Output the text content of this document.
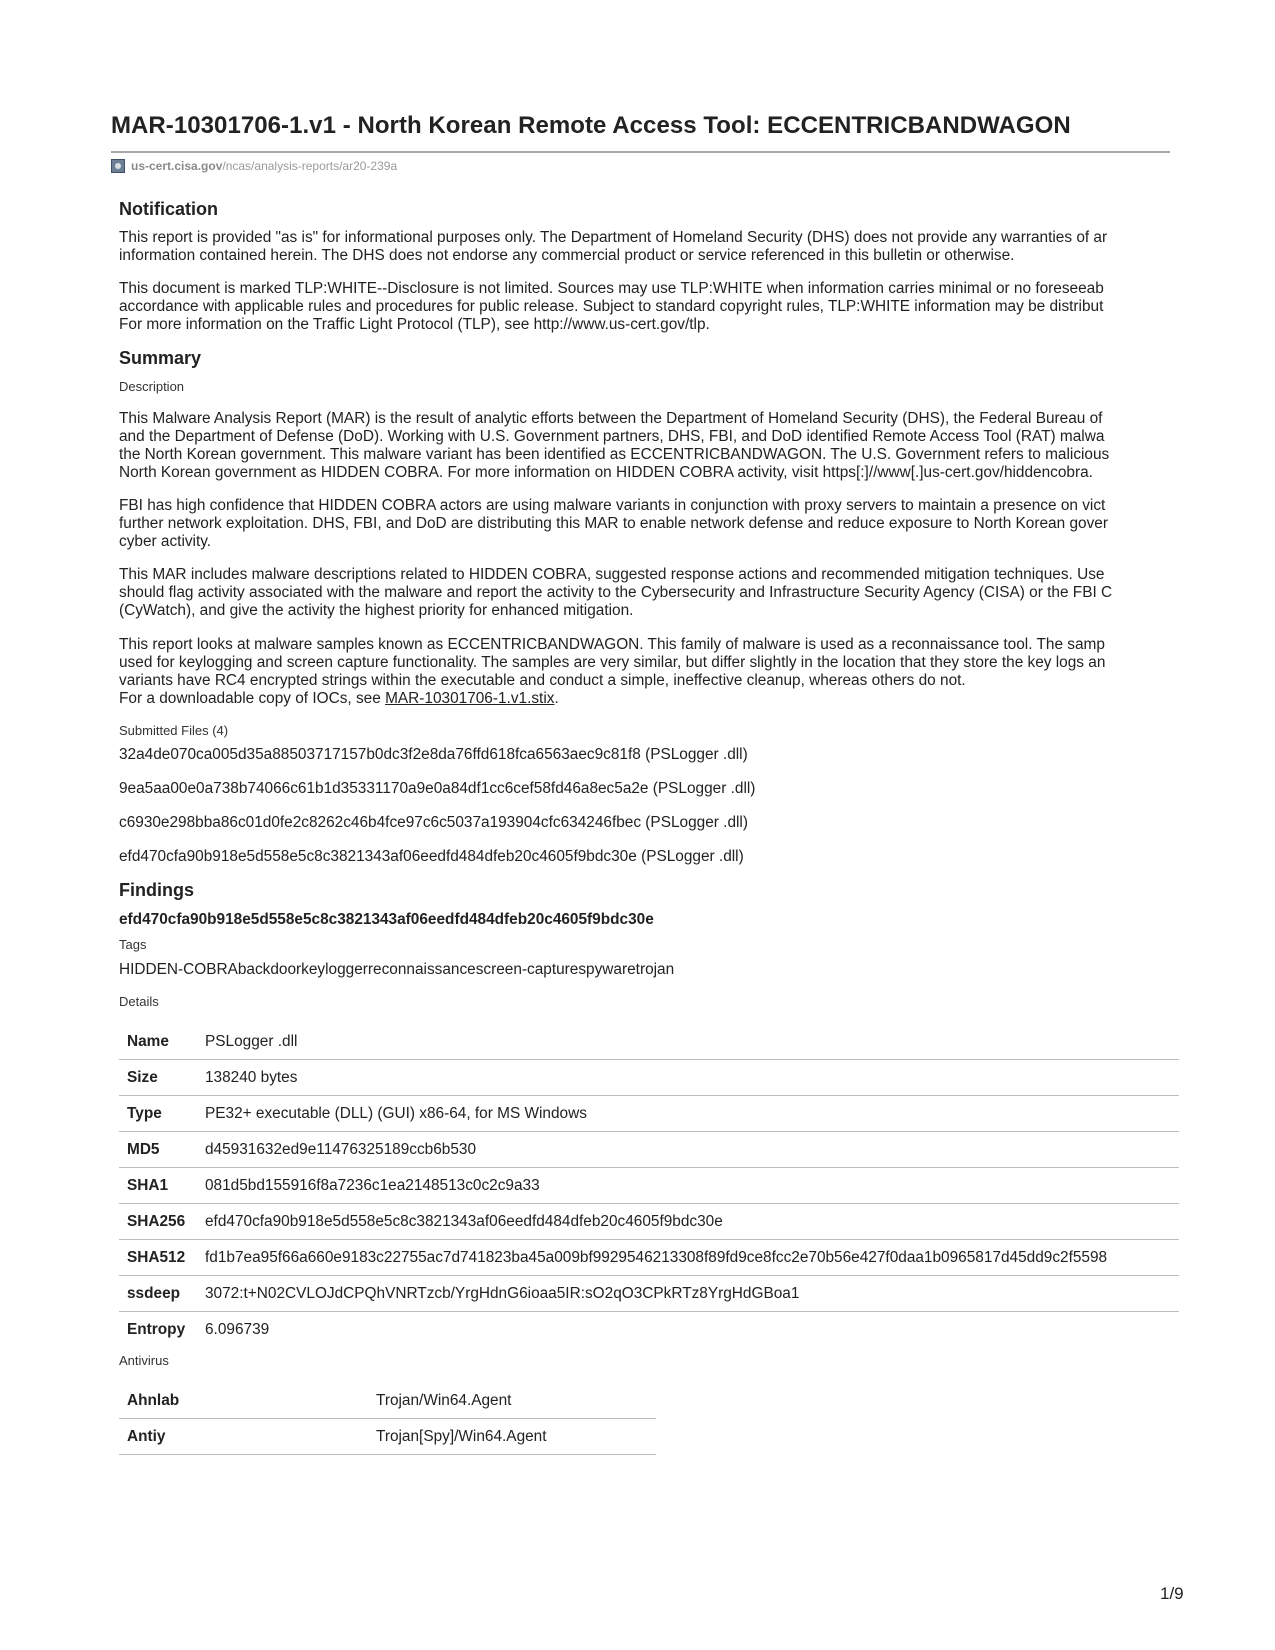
MAR-10301706-1.v1 - North Korean Remote Access Tool: ECCENTRICBANDWAGON
us-cert.cisa.gov /ncas/analysis-reports/ar20-239a
Notification
This report is provided "as is" for informational purposes only. The Department of Homeland Security (DHS) does not provide any warranties of ar
information contained herein. The DHS does not endorse any commercial product or service referenced in this bulletin or otherwise.
This document is marked TLP:WHITE--Disclosure is not limited. Sources may use TLP:WHITE when information carries minimal or no foreseeab
accordance with applicable rules and procedures for public release. Subject to standard copyright rules, TLP:WHITE information may be distribut
For more information on the Traffic Light Protocol (TLP), see http://www.us-cert.gov/tlp.
Summary
Description
This Malware Analysis Report (MAR) is the result of analytic efforts between the Department of Homeland Security (DHS), the Federal Bureau of
and the Department of Defense (DoD). Working with U.S. Government partners, DHS, FBI, and DoD identified Remote Access Tool (RAT) malwa
the North Korean government. This malware variant has been identified as ECCENTRICBANDWAGON. The U.S. Government refers to malicious
North Korean government as HIDDEN COBRA. For more information on HIDDEN COBRA activity, visit https[:]//www[.]us-cert.gov/hiddencobra.
FBI has high confidence that HIDDEN COBRA actors are using malware variants in conjunction with proxy servers to maintain a presence on vict
further network exploitation. DHS, FBI, and DoD are distributing this MAR to enable network defense and reduce exposure to North Korean gover
cyber activity.
This MAR includes malware descriptions related to HIDDEN COBRA, suggested response actions and recommended mitigation techniques. Use
should flag activity associated with the malware and report the activity to the Cybersecurity and Infrastructure Security Agency (CISA) or the FBI C
(CyWatch), and give the activity the highest priority for enhanced mitigation.
This report looks at malware samples known as ECCENTRICBANDWAGON. This family of malware is used as a reconnaissance tool. The samp
used for keylogging and screen capture functionality. The samples are very similar, but differ slightly in the location that they store the key logs an
variants have RC4 encrypted strings within the executable and conduct a simple, ineffective cleanup, whereas others do not.
For a downloadable copy of IOCs, see MAR-10301706-1.v1.stix.
Submitted Files (4)
32a4de070ca005d35a88503717157b0dc3f2e8da76ffd618fca6563aec9c81f8 (PSLogger .dll)
9ea5aa00e0a738b74066c61b1d35331170a9e0a84df1cc6cef58fd46a8ec5a2e (PSLogger .dll)
c6930e298bba86c01d0fe2c8262c46b4fce97c6c5037a193904cfc634246fbec (PSLogger .dll)
efd470cfa90b918e5d558e5c8c3821343af06eedfd484dfeb20c4605f9bdc30e (PSLogger .dll)
Findings
efd470cfa90b918e5d558e5c8c3821343af06eedfd484dfeb20c4605f9bdc30e
Tags
HIDDEN-COBRAbackdoorkeyloggerreconnaissancescreen-capturespywaretrojan
Details
Name PSLogger .dll
Size	138240 bytes
Type	PE32+ executable (DLL) (GUI) x86-64, for MS Windows
MD5	d45931632ed9e11476325189ccb6b530
SHA1 081d5bd155916f8a7236c1ea2148513c0c2c9a33
SHA256 efd470cfa90b918e5d558e5c8c3821343af06eedfd484dfeb20c4605f9bdc30e
SHA512 fd1b7ea95f66a660e9183c22755ac7d741823ba45a009bf9929546213308f89fd9ce8fcc2e70b56e427f0daa1b0965817d45dd9c2f5598
ssdeep 3072:t+N02CVLOJdCPQhVNRTzcb/YrgHdnG6ioaa5IR:sO2qO3CPkRTz8YrgHdGBoa1
Entropy 6.096739
Antivirus
Ahnlab	Trojan/Win64.Agent
Antiy	Trojan[Spy]/Win64.Agent
1/9
